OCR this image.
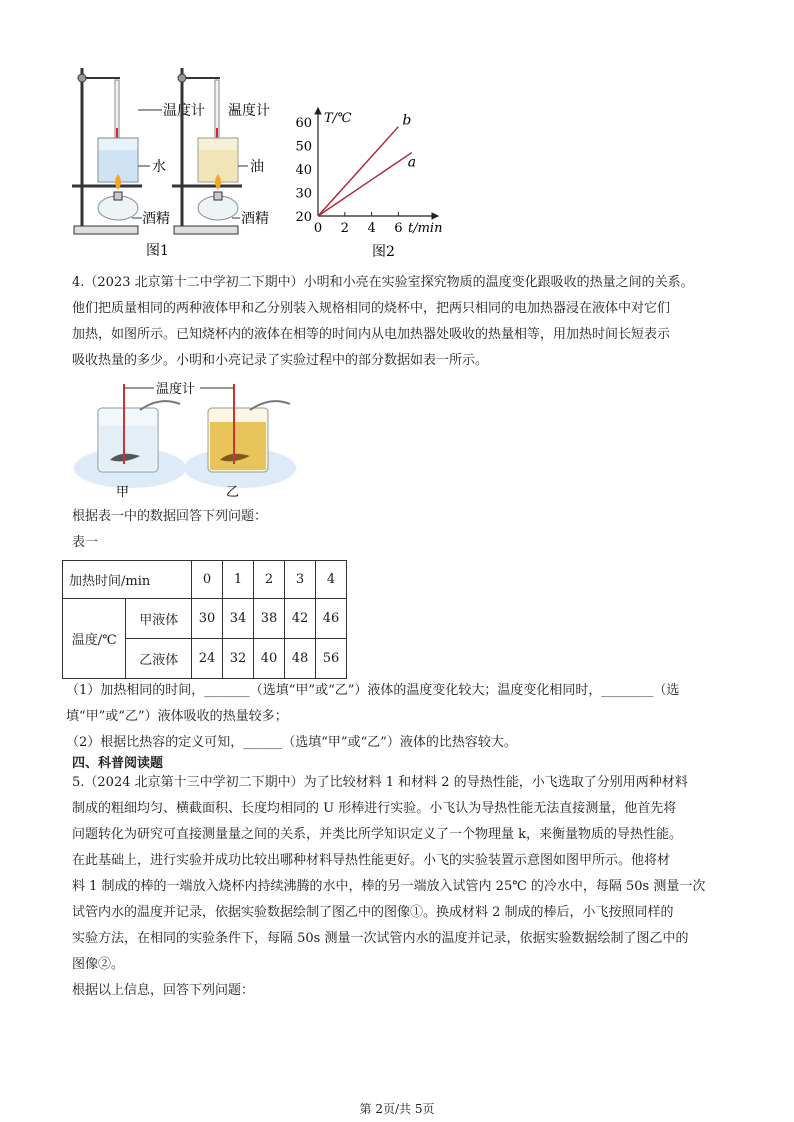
温度计
水
酒精
温度计
油
酒精
图1
T/℃
t/min
图2
20
30
40
50
60
0 2 4 6
b
a
4.（2023 北京第十二中学初二下期中）小明和小亮在实验室探究物质的温度变化跟吸收的热量之间的关系。
他们把质量相同的两种液体甲和乙分别装入规格相同的烧杯中，把两只相同的电加热器浸在液体中对它们
加热，如图所示。已知烧杯内的液体在相等的时间内从电加热器处吸收的热量相等，用加热时间长短表示
吸收热量的多少。小明和小亮记录了实验过程中的部分数据如表一所示。
温度计
甲	乙
根据表一中的数据回答下列问题：
表一
加热时间/min		0	1	2	3	4
温度/℃	甲液体	30	34	38	42	46
	乙液体	24	32	40	48	56
（1）加热相同的时间，_______（选填“甲”或“乙”）液体的温度变化较大；温度变化相同时，________（选
填“甲”或“乙”）液体吸收的热量较多；
（2）根据比热容的定义可知，______（选填“甲”或“乙”）液体的比热容较大。
四、科普阅读题
5.（2024 北京第十三中学初二下期中）为了比较材料 1 和材料 2 的导热性能，小飞选取了分别用两种材料
制成的粗细均匀、横截面积、长度均相同的 U 形棒进行实验。小飞认为导热性能无法直接测量，他首先将
问题转化为研究可直接测量量之间的关系，并类比所学知识定义了一个物理量 k，来衡量物质的导热性能。
在此基础上，进行实验并成功比较出哪种材料导热性能更好。小飞的实验装置示意图如图甲所示。他将材
料 1 制成的棒的一端放入烧杯内持续沸腾的水中，棒的另一端放入试管内 25℃ 的冷水中，每隔 50s 测量一次
试管内水的温度并记录，依据实验数据绘制了图乙中的图像①。换成材料 2 制成的棒后，小飞按照同样的
实验方法，在相同的实验条件下，每隔 50s 测量一次试管内水的温度并记录，依据实验数据绘制了图乙中的
图像②。
根据以上信息，回答下列问题：
第 2页/共 5页
